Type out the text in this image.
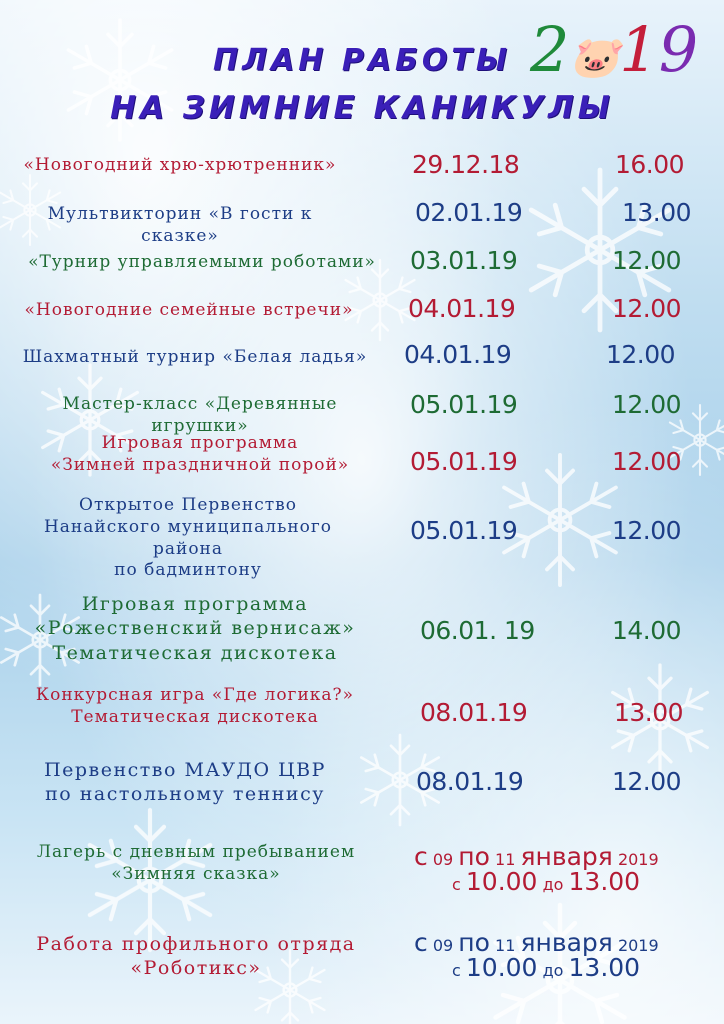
ПЛАН РАБОТЫ
НА ЗИМНИЕ КАНИКУЛЫ
2🐷19
«Новогодний хрю-хрютренник»	29.12.18	16.00
Мультвикторин «В гости к сказке»
02.01.19	13.00
«Турнир управляемыми роботами» 03.01.19	12.00
«Новогодние семейные встречи»	04.01.19	12.00
Шахматный турнир «Белая ладья» 04.01.19	12.00
Мастер-класс «Деревянные игрушки»
05.01.19	12.00
Игровая программа
«Зимней праздничной порой»	05.01.19	12.00
Открытое Первенство
Нанайского муниципального района
по бадминтону
05.01.19	12.00
Игровая программа
«Рожественский вернисаж»
Тематическая дискотека
06.01. 19	14.00
Конкурсная игра «Где логика?»
Тематическая дискотека	08.01.19	13.00
Первенство МАУДО ЦВР
по настольному теннису	08.01.19	12.00
Лагерь с дневным пребыванием
«Зимняя сказка»
с 09 по 11 января 2019
с 10.00 до 13.00
Работа профильного отряда
«Роботикс»
с 09 по 11 января 2019
с 10.00 до 13.00
